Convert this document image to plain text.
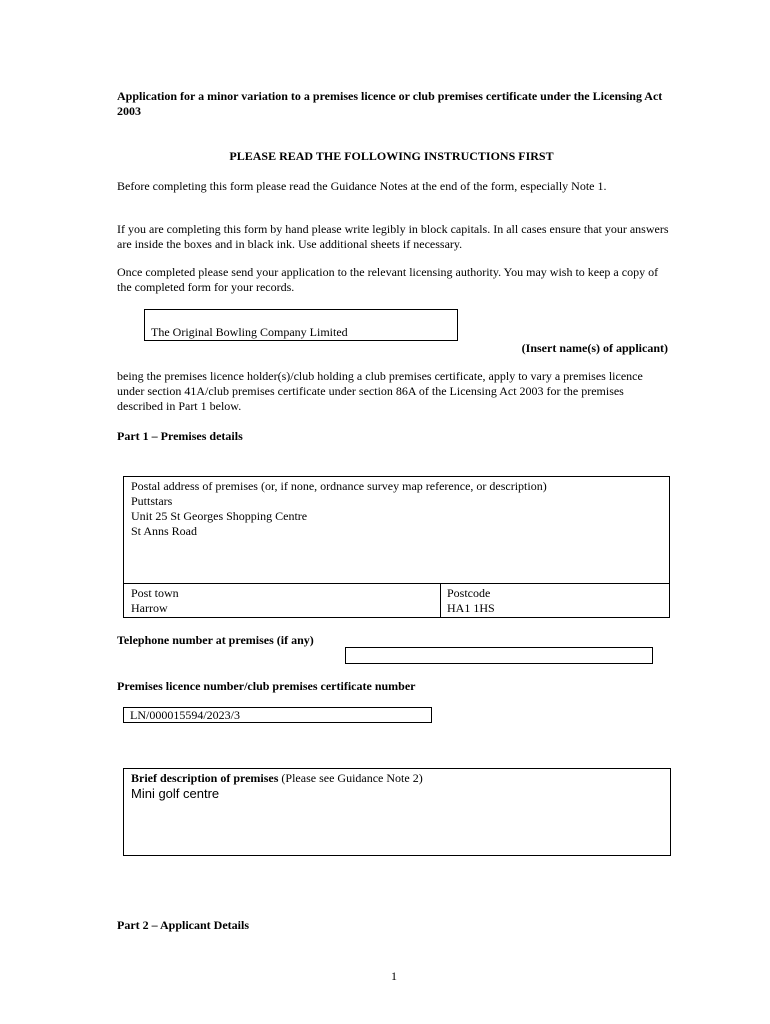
Application for a minor variation to a premises licence or club premises certificate under the Licensing Act 2003
PLEASE READ THE FOLLOWING INSTRUCTIONS FIRST
Before completing this form please read the Guidance Notes at the end of the form, especially Note 1.
If you are completing this form by hand please write legibly in block capitals. In all cases ensure that your answers are inside the boxes and in black ink. Use additional sheets if necessary.
Once completed please send your application to the relevant licensing authority. You may wish to keep a copy of the completed form for your records.
The Original Bowling Company Limited
(Insert name(s) of applicant)
being the premises licence holder(s)/club holding a club premises certificate, apply to vary a premises licence under section 41A/club premises certificate under section 86A of the Licensing Act 2003 for the premises described in Part 1 below.
Part 1 – Premises details
Postal address of premises (or, if none, ordnance survey map reference, or description)
Puttstars
Unit 25 St Georges Shopping Centre
St Anns Road
Post town
Harrow
Postcode
HA1 1HS
Telephone number at premises (if any)
Premises licence number/club premises certificate number
LN/000015594/2023/3
Brief description of premises (Please see Guidance Note 2)
Mini golf centre
Part 2 – Applicant Details
1
